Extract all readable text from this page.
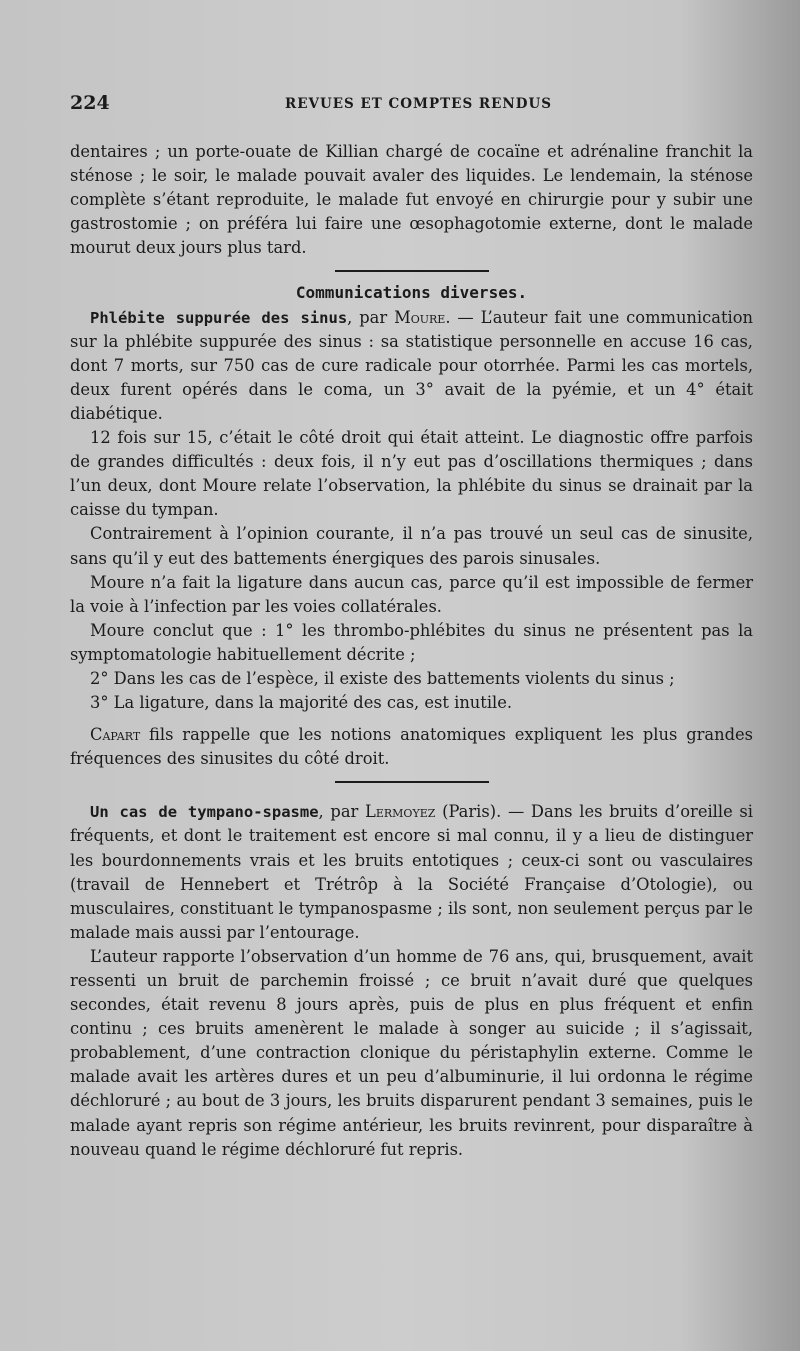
224	REVUES ET COMPTES RENDUS

dentaires ; un porte-ouate de Killian chargé de cocaïne et adrénaline franchit la sténose ; le soir, le malade pouvait avaler des liquides. Le lendemain, la sténose complète s’étant reproduite, le malade fut envoyé en chirurgie pour y subir une gastrostomie ; on préféra lui faire une œsophagotomie externe, dont le malade mourut deux jours plus tard.

Communications diverses.

Phlébite suppurée des sinus, par Moure. — L’auteur fait une communication sur la phlébite suppurée des sinus : sa statistique personnelle en accuse 16 cas, dont 7 morts, sur 750 cas de cure radicale pour otorrhée. Parmi les cas mortels, deux furent opérés dans le coma, un 3° avait de la pyémie, et un 4° était diabétique.

12 fois sur 15, c’était le côté droit qui était atteint. Le diagnostic offre parfois de grandes difficultés : deux fois, il n’y eut pas d’oscillations thermiques ; dans l’un deux, dont Moure relate l’observation, la phlébite du sinus se drainait par la caisse du tympan.

Contrairement à l’opinion courante, il n’a pas trouvé un seul cas de sinusite, sans qu’il y eut des battements énergiques des parois sinusales.

Moure n’a fait la ligature dans aucun cas, parce qu’il est impossible de fermer la voie à l’infection par les voies collatérales.

Moure conclut que : 1° les thrombo-phlébites du sinus ne présentent pas la symptomatologie habituellement décrite ;

2° Dans les cas de l’espèce, il existe des battements violents du sinus ;

3° La ligature, dans la majorité des cas, est inutile.

Capart fils rappelle que les notions anatomiques expliquent les plus grandes fréquences des sinusites du côté droit.

Un cas de tympano-spasme, par Lermoyez (Paris). — Dans les bruits d’oreille si fréquents, et dont le traitement est encore si mal connu, il y a lieu de distinguer les bourdonnements vrais et les bruits entotiques ; ceux-ci sont ou vasculaires (travail de Hennebert et Trétrôp à la Société Française d’Otologie), ou musculaires, constituant le tympanospasme ; ils sont, non seulement perçus par le malade mais aussi par l’entourage.

L’auteur rapporte l’observation d’un homme de 76 ans, qui, brusquement, avait ressenti un bruit de parchemin froissé ; ce bruit n’avait duré que quelques secondes, était revenu 8 jours après, puis de plus en plus fréquent et enfin continu ; ces bruits amenèrent le malade à songer au suicide ; il s’agissait, probablement, d’une contraction clonique du péristaphylin externe. Comme le malade avait les artères dures et un peu d’albuminurie, il lui ordonna le régime déchloruré ; au bout de 3 jours, les bruits disparurent pendant 3 semaines, puis le malade ayant repris son régime antérieur, les bruits revinrent, pour disparaître à nouveau quand le régime déchloruré fut repris.
